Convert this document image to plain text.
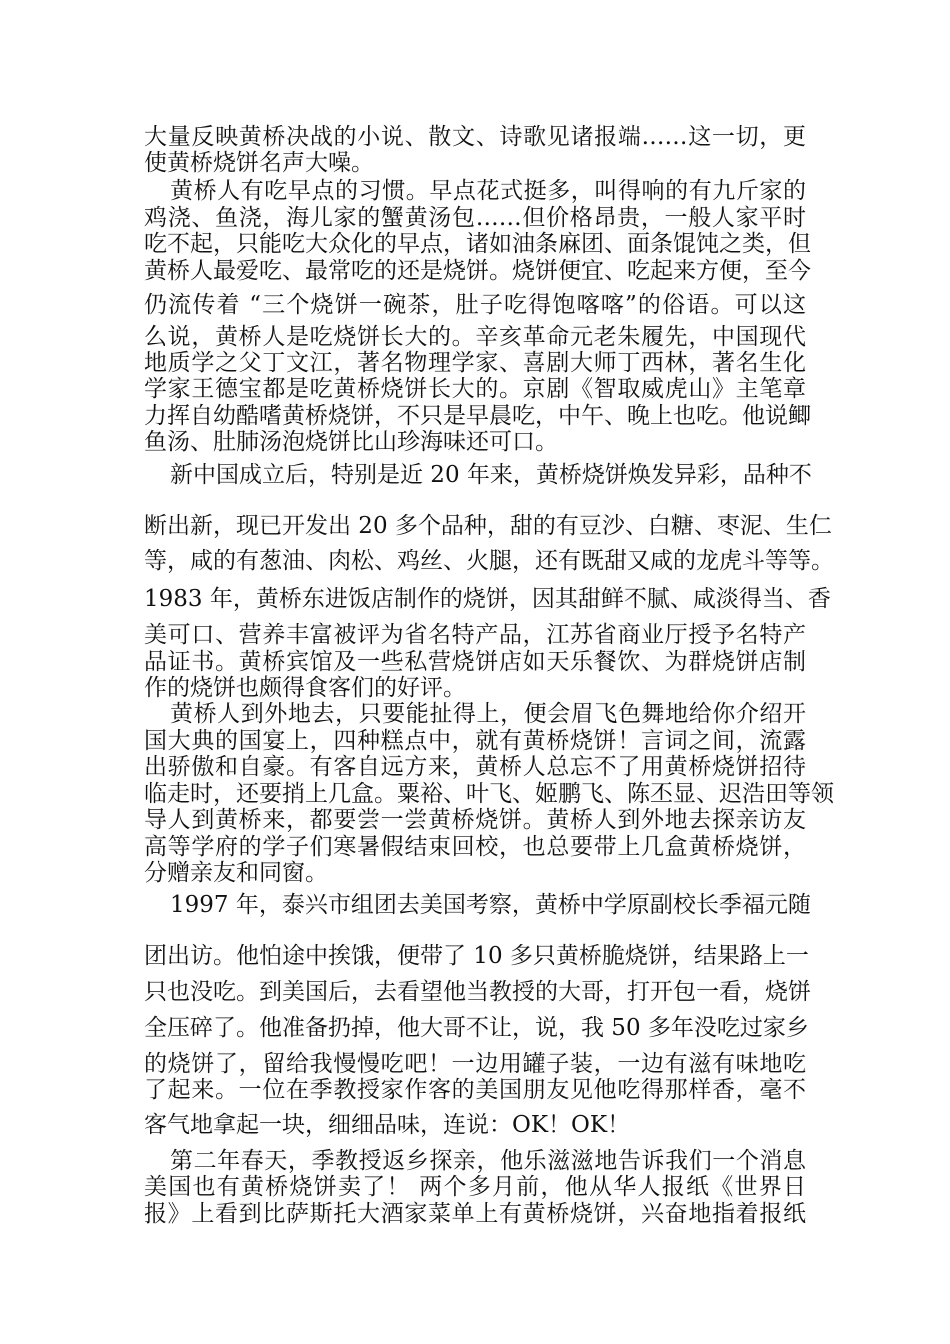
大量反映黄桥决战的小说、散文、诗歌见诸报端……这一切，更
使黄桥烧饼名声大噪。
黄桥人有吃早点的习惯。早点花式挺多，叫得响的有九斤家的
鸡浇、鱼浇，海儿家的蟹黄汤包……但价格昂贵，一般人家平时
吃不起，只能吃大众化的早点，诸如油条麻团、面条馄饨之类，但
黄桥人最爱吃、最常吃的还是烧饼。烧饼便宜、吃起来方便，至今
仍流传着 “三个烧饼一碗茶，肚子吃得饱喀喀”的俗语。可以这
么说，黄桥人是吃烧饼长大的。辛亥革命元老朱履先，中国现代
地质学之父丁文江，著名物理学家、喜剧大师丁西林，著名生化
学家王德宝都是吃黄桥烧饼长大的。京剧《智取威虎山》主笔章
力挥自幼酷嗜黄桥烧饼，不只是早晨吃，中午、晚上也吃。他说鲫
鱼汤、肚肺汤泡烧饼比山珍海味还可口。
新中国成立后，特别是近 20 年来，黄桥烧饼焕发异彩，品种不
断出新，现已开发出 20 多个品种，甜的有豆沙、白糖、枣泥、生仁
等，咸的有葱油、肉松、鸡丝、火腿，还有既甜又咸的龙虎斗等等。
1983 年，黄桥东进饭店制作的烧饼，因其甜鲜不腻、咸淡得当、香
美可口、营养丰富被评为省名特产品，江苏省商业厅授予名特产
品证书。黄桥宾馆及一些私营烧饼店如天乐餐饮、为群烧饼店制
作的烧饼也颇得食客们的好评。
黄桥人到外地去，只要能扯得上，便会眉飞色舞地给你介绍开
国大典的国宴上，四种糕点中，就有黄桥烧饼！言词之间，流露
出骄傲和自豪。有客自远方来，黄桥人总忘不了用黄桥烧饼招待
临走时，还要捎上几盒。粟裕、叶飞、姬鹏飞、陈丕显、迟浩田等领
导人到黄桥来，都要尝一尝黄桥烧饼。黄桥人到外地去探亲访友
高等学府的学子们寒暑假结束回校，也总要带上几盒黄桥烧饼，
分赠亲友和同窗。
1997 年，泰兴市组团去美国考察，黄桥中学原副校长季福元随
团出访。他怕途中挨饿，便带了 10 多只黄桥脆烧饼，结果路上一
只也没吃。到美国后，去看望他当教授的大哥，打开包一看，烧饼
全压碎了。他准备扔掉，他大哥不让，说，我 50 多年没吃过家乡
的烧饼了，留给我慢慢吃吧！一边用罐子装，一边有滋有味地吃
了起来。一位在季教授家作客的美国朋友见他吃得那样香，毫不
客气地拿起一块，细细品味，连说：OK！OK！
第二年春天，季教授返乡探亲，他乐滋滋地告诉我们一个消息
美国也有黄桥烧饼卖了！ 两个多月前，他从华人报纸《世界日
报》上看到比萨斯托大酒家菜单上有黄桥烧饼，兴奋地指着报纸
